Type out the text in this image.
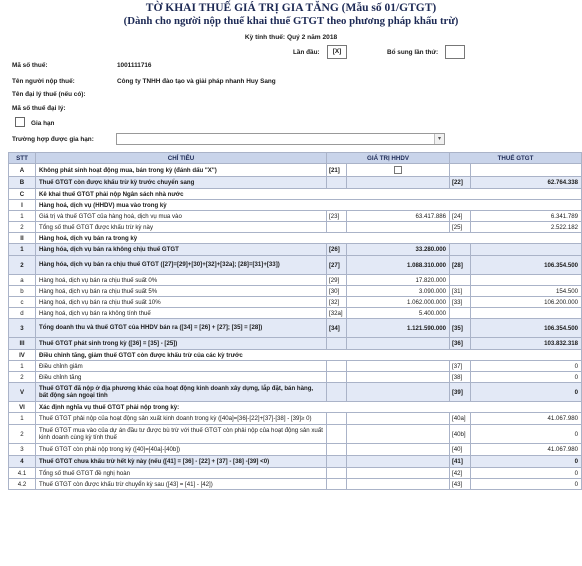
TỜ KHAI THUẾ GIÁ TRỊ GIA TĂNG (Mẫu số 01/GTGT)
(Dành cho người nộp thuế khai thuế GTGT theo phương pháp khấu trừ)
Kỳ tính thuế: Quý 2 năm 2018
Lần đầu:	[X]	Bổ sung lần thứ:
Mã số thuế:	1001111716
Tên người nộp thuế:	Công ty TNHH đào tạo và giải pháp nhanh Huy Sang
Tên đại lý thuế (nếu có):
Mã số thuế đại lý:
Gia hạn
Trường hợp được gia hạn:	▾
STT	CHỈ TIÊU	GIÁ TRỊ HHDV		THUẾ GTGT	
A	Không phát sinh hoạt động mua, bán trong kỳ (đánh dấu "X")	[21]			
B	Thuế GTGT còn được khấu trừ kỳ trước chuyển sang			[22]	62.764.338
C	Kê khai thuế GTGT phải nộp Ngân sách nhà nước				
I	Hàng hoá, dịch vụ (HHDV) mua vào trong kỳ				
1	Giá trị và thuế GTGT của hàng hoá, dịch vụ mua vào	[23]	63.417.886	[24]	6.341.789
2	Tổng số thuế GTGT được khấu trừ kỳ này			[25]	2.522.182
II	Hàng hoá, dịch vụ bán ra trong kỳ				
1	Hàng hóa, dịch vụ bán ra không chịu thuế GTGT	[26]	33.280.000		
2	Hàng hóa, dịch vụ bán ra chịu thuế GTGT ([27]=[29]+[30]+[32]+[32a]; [28]=[31]+[33])	[27]	1.088.310.000	[28]	106.354.500
a	Hàng hoá, dịch vụ bán ra chịu thuế suất 0%	[29]	17.820.000		
b	Hàng hoá, dịch vụ bán ra chịu thuế suất 5%	[30]	3.090.000	[31]	154.500
c	Hàng hoá, dịch vụ bán ra chịu thuế suất 10%	[32]	1.062.000.000	[33]	106.200.000
d	Hàng hoá, dịch vụ bán ra không tính thuế	[32a]	5.400.000		
3	Tổng doanh thu và thuế GTGT của HHDV bán ra ([34] = [26] + [27]; [35] = [28])	[34]	1.121.590.000	[35]	106.354.500
III	Thuế GTGT phát sinh trong kỳ ([36] = [35] - [25])			[36]	103.832.318
IV	Điều chỉnh tăng, giảm thuế GTGT còn được khấu trừ của các kỳ trước				
1	Điều chỉnh giảm			[37]	0
2	Điều chỉnh tăng			[38]	0
V	Thuế GTGT đã nộp ở địa phương khác của hoạt động kinh doanh xây dựng, lắp đặt, bán hàng, bất động sản ngoại tỉnh			[39]	0
VI	Xác định nghĩa vụ thuế GTGT phải nộp trong kỳ:				
1	Thuế GTGT phải nộp của hoạt động sản xuất kinh doanh trong kỳ ([40a]=[36]-[22]+[37]-[38] - [39]≥ 0)			[40a]	41.067.980
2	Thuế GTGT mua vào của dự án đầu tư được bù trừ với thuế GTGT còn phải nộp của hoạt động sản xuất kinh doanh cùng kỳ tính thuế			[40b]	0
3	Thuế GTGT còn phải nộp trong kỳ ([40]=[40a]-[40b])			[40]	41.067.980
4	Thuế GTGT chưa khấu trừ hết kỳ này (nếu ([41] = [36] - [22] + [37] - [38] -[39] <0)			[41]	0
4.1	Tổng số thuế GTGT đề nghị hoàn			[42]	0
4.2	Thuế GTGT còn được khấu trừ chuyển kỳ sau ([43] = [41] - [42])			[43]	0
